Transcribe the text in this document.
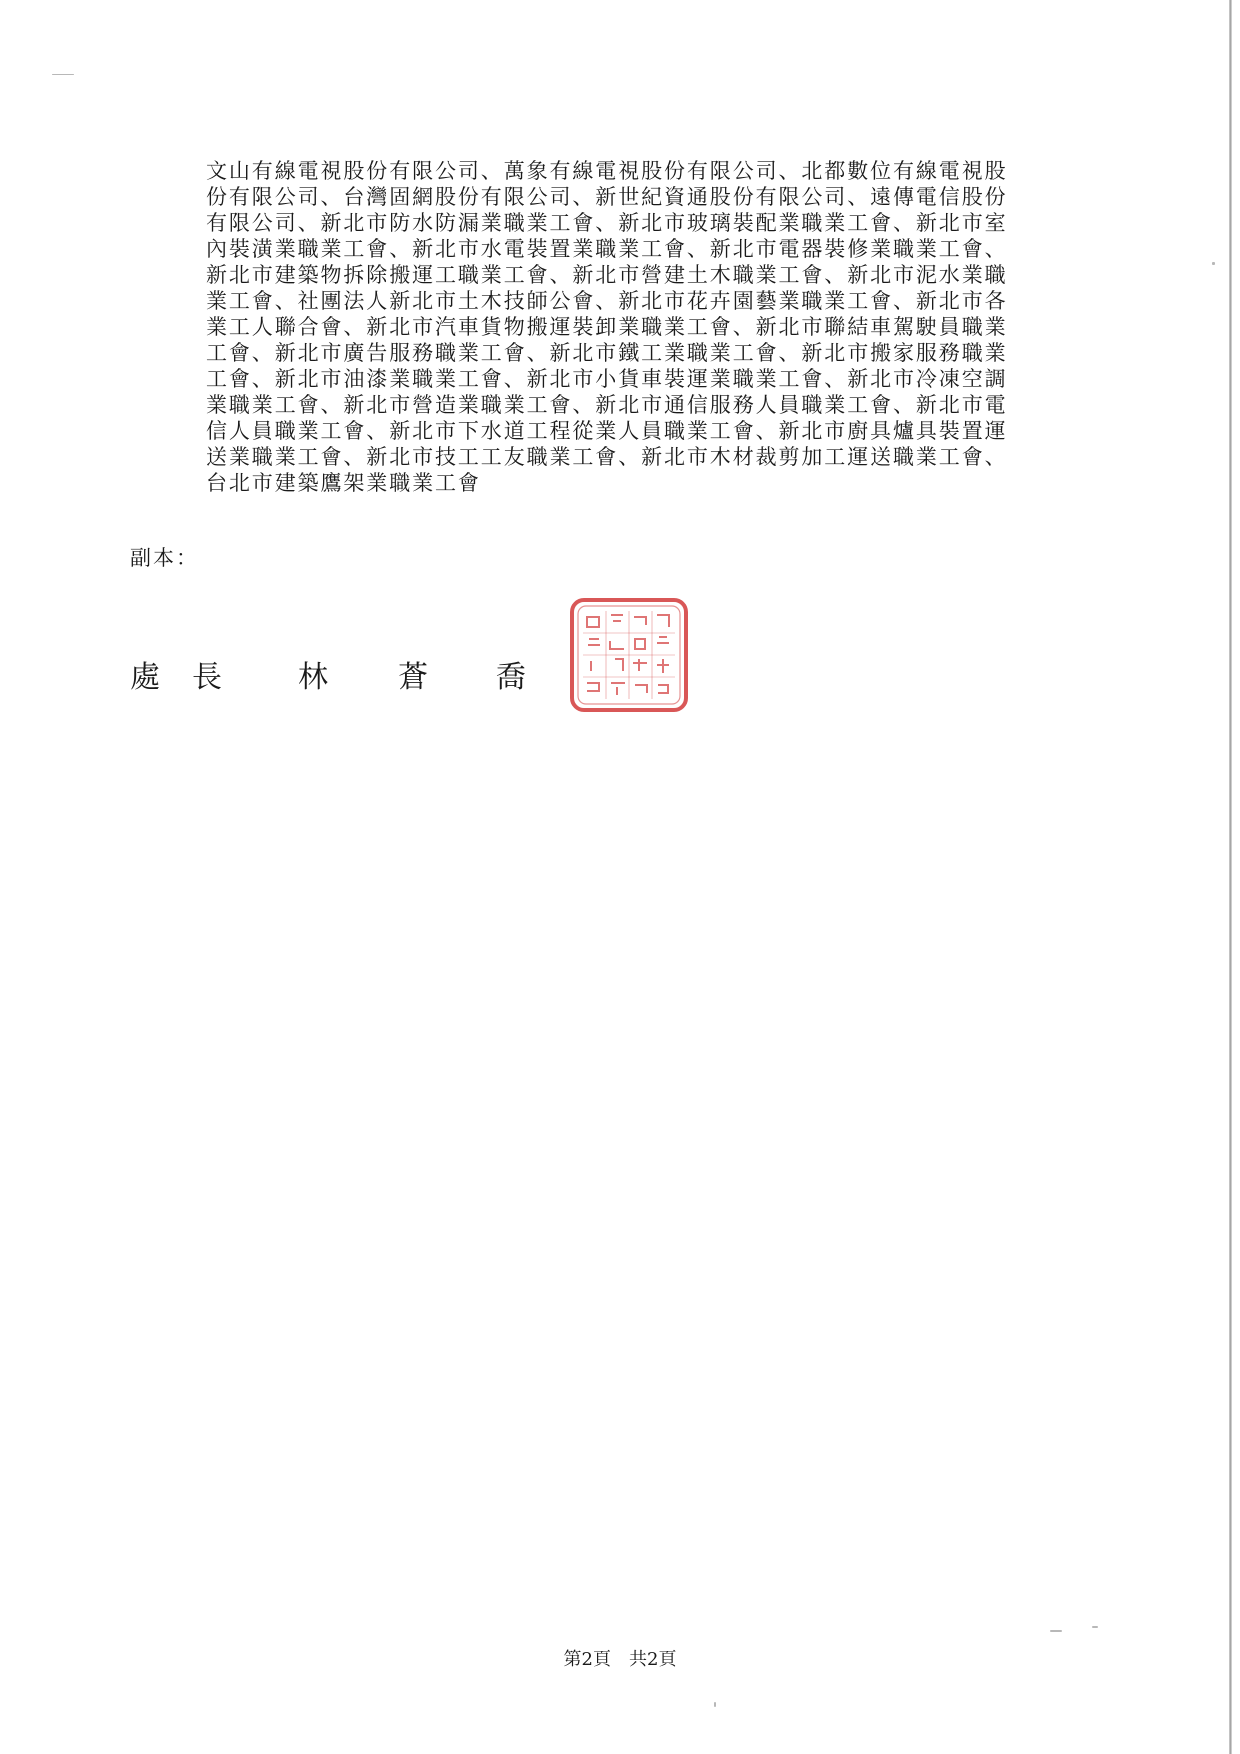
文山有線電視股份有限公司、萬象有線電視股份有限公司、北都數位有線電視股
份有限公司、台灣固網股份有限公司、新世紀資通股份有限公司、遠傳電信股份
有限公司、新北市防水防漏業職業工會、新北市玻璃裝配業職業工會、新北市室
內裝潢業職業工會、新北市水電裝置業職業工會、新北市電器裝修業職業工會、
新北市建築物拆除搬運工職業工會、新北市營建土木職業工會、新北市泥水業職
業工會、社團法人新北市土木技師公會、新北市花卉園藝業職業工會、新北市各
業工人聯合會、新北市汽車貨物搬運裝卸業職業工會、新北市聯結車駕駛員職業
工會、新北市廣告服務職業工會、新北市鐵工業職業工會、新北市搬家服務職業
工會、新北市油漆業職業工會、新北市小貨車裝運業職業工會、新北市冷凍空調
業職業工會、新北市營造業職業工會、新北市通信服務人員職業工會、新北市電
信人員職業工會、新北市下水道工程從業人員職業工會、新北市廚具爐具裝置運
送業職業工會、新北市技工工友職業工會、新北市木材裁剪加工運送職業工會、
台北市建築鷹架業職業工會
副本：
處 長	林 蒼 喬
第2頁 共2頁
